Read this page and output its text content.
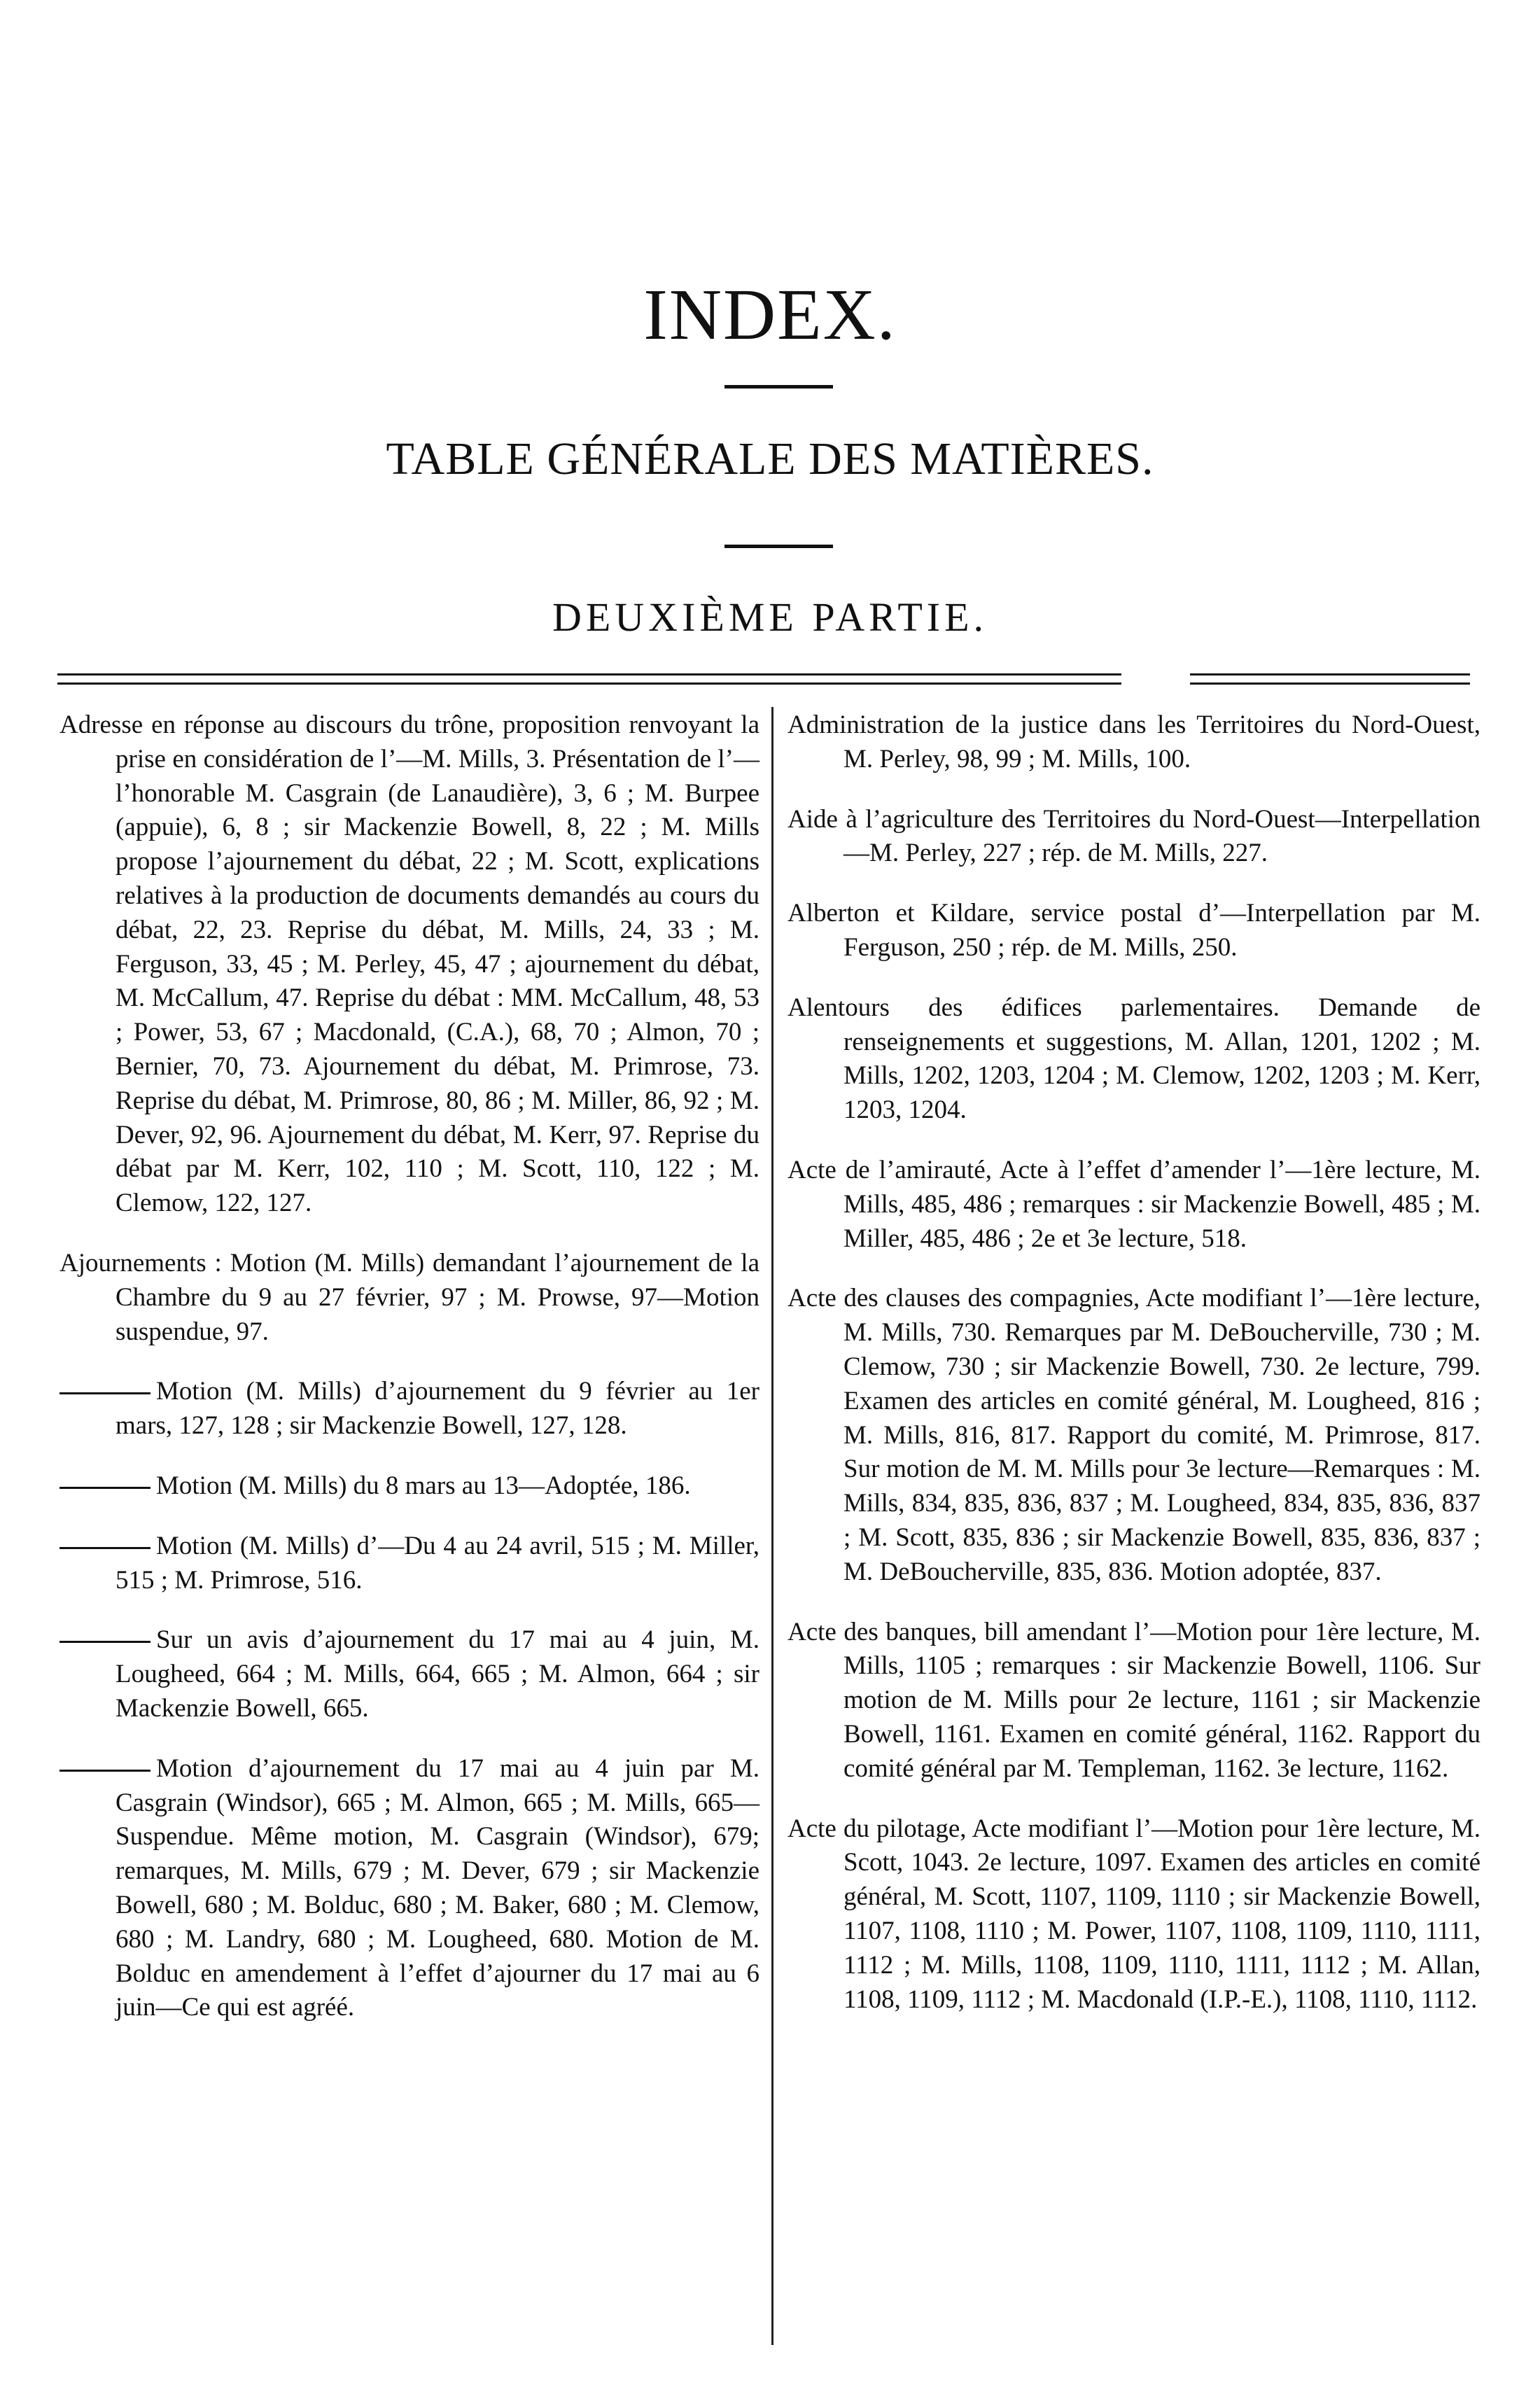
INDEX.
TABLE GÉNÉRALE DES MATIÈRES.
DEUXIÈME PARTIE.

Adresse en réponse au discours du trône, proposition renvoyant la prise en considération de l’—M. Mills, 3. Présentation de l’—l’honorable M. Casgrain (de Lanaudière), 3, 6 ; M. Burpee (appuie), 6, 8 ; sir Mackenzie Bowell, 8, 22 ; M. Mills propose l’ajournement du débat, 22 ; M. Scott, explications relatives à la production de documents demandés au cours du débat, 22, 23. Reprise du débat, M. Mills, 24, 33 ; M. Ferguson, 33, 45 ; M. Perley, 45, 47 ; ajournement du débat, M. McCallum, 47. Reprise du débat : MM. McCallum, 48, 53 ; Power, 53, 67 ; Macdonald, (C.A.), 68, 70 ; Almon, 70 ; Bernier, 70, 73. Ajournement du débat, M. Primrose, 73. Reprise du débat, M. Primrose, 80, 86 ; M. Miller, 86, 92 ; M. Dever, 92, 96. Ajournement du débat, M. Kerr, 97. Reprise du débat par M. Kerr, 102, 110 ; M. Scott, 110, 122 ; M. Clemow, 122, 127.

Ajournements : Motion (M. Mills) demandant l’ajournement de la Chambre du 9 au 27 février, 97 ; M. Prowse, 97—Motion suspendue, 97.

Motion (M. Mills) d’ajournement du 9 février au 1er mars, 127, 128 ; sir Mackenzie Bowell, 127, 128.

Motion (M. Mills) du 8 mars au 13—Adoptée, 186.

Motion (M. Mills) d’—Du 4 au 24 avril, 515 ; M. Miller, 515 ; M. Primrose, 516.

Sur un avis d’ajournement du 17 mai au 4 juin, M. Lougheed, 664 ; M. Mills, 664, 665 ; M. Almon, 664 ; sir Mackenzie Bowell, 665.

Motion d’ajournement du 17 mai au 4 juin par M. Casgrain (Windsor), 665 ; M. Almon, 665 ; M. Mills, 665—Suspendue. Même motion, M. Casgrain (Windsor), 679; remarques, M. Mills, 679 ; M. Dever, 679 ; sir Mackenzie Bowell, 680 ; M. Bolduc, 680 ; M. Baker, 680 ; M. Clemow, 680 ; M. Landry, 680 ; M. Lougheed, 680. Motion de M. Bolduc en amendement à l’effet d’ajourner du 17 mai au 6 juin—Ce qui est agréé.

Administration de la justice dans les Territoires du Nord-Ouest, M. Perley, 98, 99 ; M. Mills, 100.

Aide à l’agriculture des Territoires du Nord-Ouest—Interpellation—M. Perley, 227 ; rép. de M. Mills, 227.

Alberton et Kildare, service postal d’—Interpellation par M. Ferguson, 250 ; rép. de M. Mills, 250.

Alentours des édifices parlementaires. Demande de renseignements et suggestions, M. Allan, 1201, 1202 ; M. Mills, 1202, 1203, 1204 ; M. Clemow, 1202, 1203 ; M. Kerr, 1203, 1204.

Acte de l’amirauté, Acte à l’effet d’amender l’—1ère lecture, M. Mills, 485, 486 ; remarques : sir Mackenzie Bowell, 485 ; M. Miller, 485, 486 ; 2e et 3e lecture, 518.

Acte des clauses des compagnies, Acte modifiant l’—1ère lecture, M. Mills, 730. Remarques par M. DeBoucherville, 730 ; M. Clemow, 730 ; sir Mackenzie Bowell, 730. 2e lecture, 799. Examen des articles en comité général, M. Lougheed, 816 ; M. Mills, 816, 817. Rapport du comité, M. Primrose, 817. Sur motion de M. M. Mills pour 3e lecture—Remarques : M. Mills, 834, 835, 836, 837 ; M. Lougheed, 834, 835, 836, 837 ; M. Scott, 835, 836 ; sir Mackenzie Bowell, 835, 836, 837 ; M. DeBoucherville, 835, 836. Motion adoptée, 837.

Acte des banques, bill amendant l’—Motion pour 1ère lecture, M. Mills, 1105 ; remarques : sir Mackenzie Bowell, 1106. Sur motion de M. Mills pour 2e lecture, 1161 ; sir Mackenzie Bowell, 1161. Examen en comité général, 1162. Rapport du comité général par M. Templeman, 1162. 3e lecture, 1162.

Acte du pilotage, Acte modifiant l’—Motion pour 1ère lecture, M. Scott, 1043. 2e lecture, 1097. Examen des articles en comité général, M. Scott, 1107, 1109, 1110 ; sir Mackenzie Bowell, 1107, 1108, 1110 ; M. Power, 1107, 1108, 1109, 1110, 1111, 1112 ; M. Mills, 1108, 1109, 1110, 1111, 1112 ; M. Allan, 1108, 1109, 1112 ; M. Macdonald (I.P.-E.), 1108, 1110, 1112.
